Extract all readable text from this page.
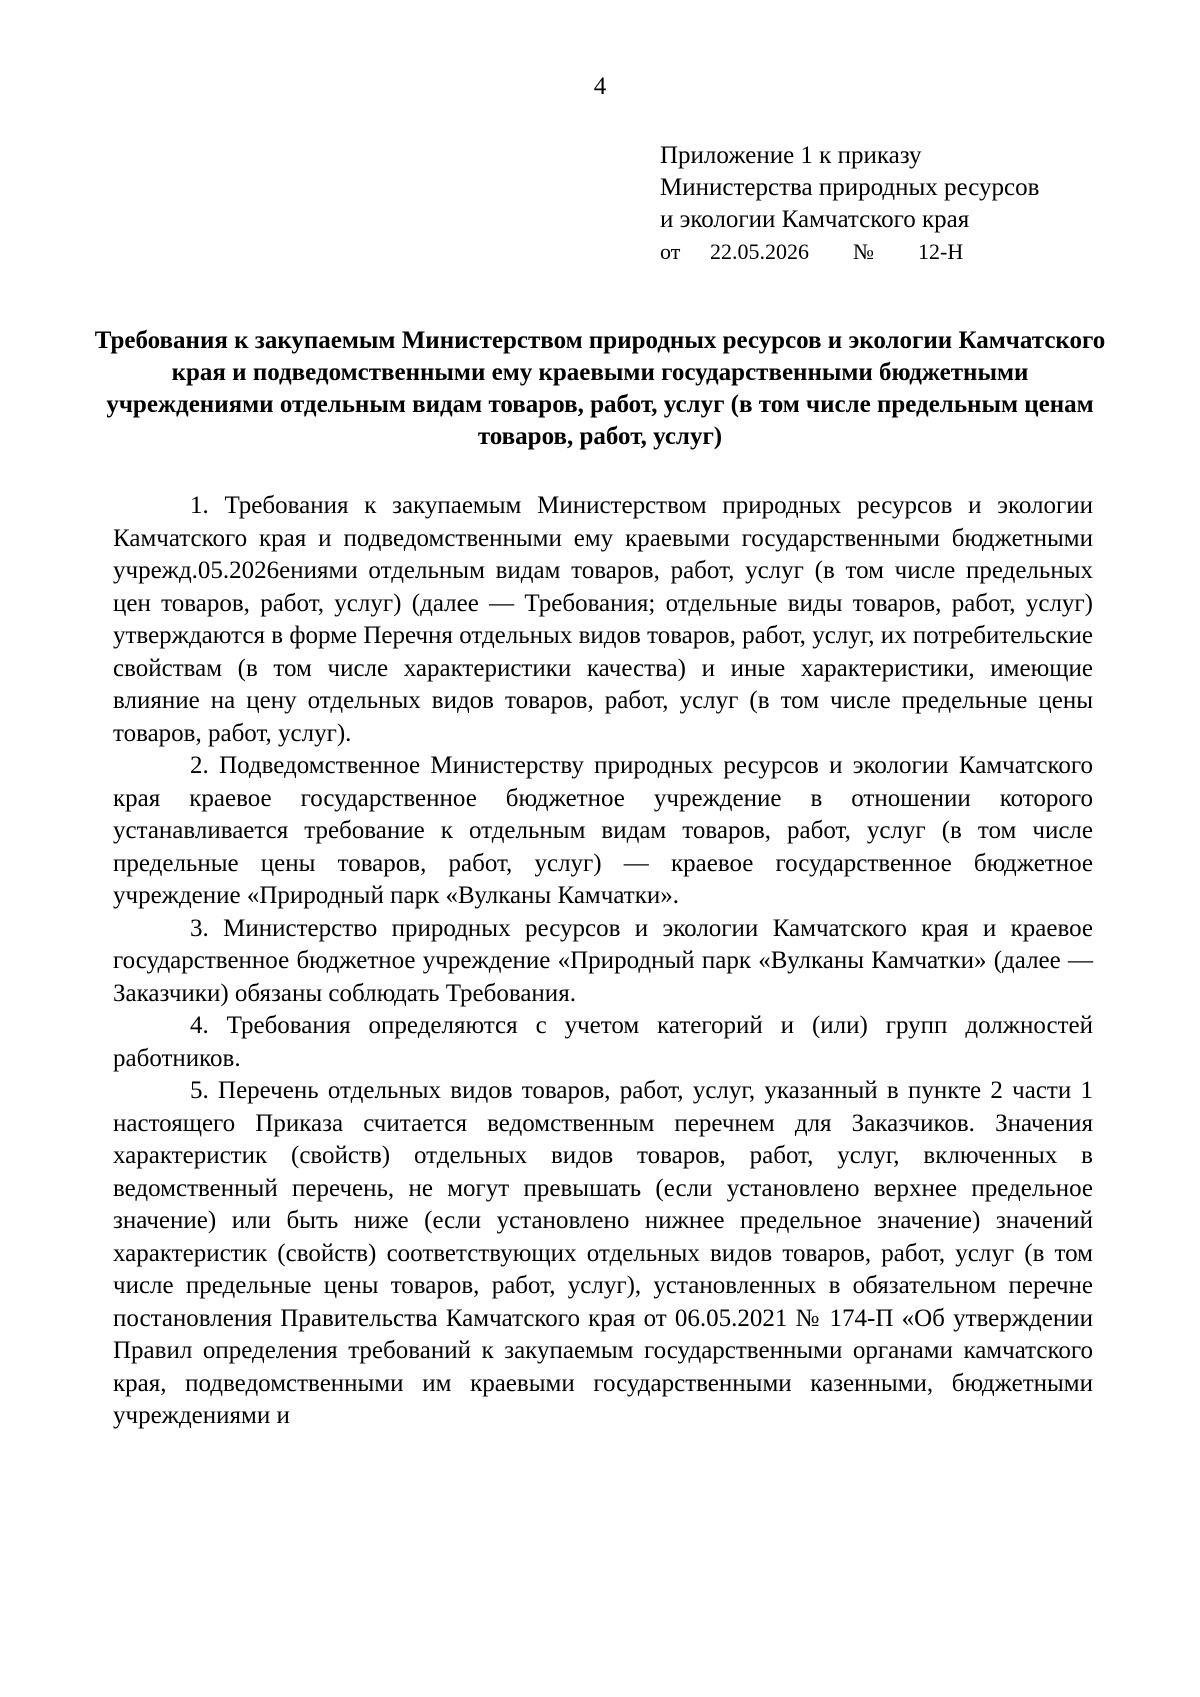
4
Приложение 1 к приказу
Министерства природных ресурсов
и экологии Камчатского края
от 22.05.2026 № 12-Н
Требования к закупаемым Министерством природных ресурсов и экологии Камчатского края и подведомственными ему краевыми государственными бюджетными учреждениями отдельным видам товаров, работ, услуг (в том числе предельным ценам товаров, работ, услуг)

1. Требования к закупаемым Министерством природных ресурсов и экологии Камчатского края и подведомственными ему краевыми государственными бюджетными учрежд.05.2026ениями отдельным видам товаров, работ, услуг (в том числе предельных цен товаров, работ, услуг) (далее — Требования; отдельные виды товаров, работ, услуг) утверждаются в форме Перечня отдельных видов товаров, работ, услуг, их потребительские свойствам (в том числе характеристики качества) и иные характеристики, имеющие влияние на цену отдельных видов товаров, работ, услуг (в том числе предельные цены товаров, работ, услуг).

2. Подведомственное Министерству природных ресурсов и экологии Камчатского края краевое государственное бюджетное учреждение в отношении которого устанавливается требование к отдельным видам товаров, работ, услуг (в том числе предельные цены товаров, работ, услуг) — краевое государственное бюджетное учреждение «Природный парк «Вулканы Камчатки».

3. Министерство природных ресурсов и экологии Камчатского края и краевое государственное бюджетное учреждение «Природный парк «Вулканы Камчатки» (далее — Заказчики) обязаны соблюдать Требования.

4. Требования определяются с учетом категорий и (или) групп должностей работников.

5. Перечень отдельных видов товаров, работ, услуг, указанный в пункте 2 части 1 настоящего Приказа считается ведомственным перечнем для Заказчиков. Значения характеристик (свойств) отдельных видов товаров, работ, услуг, включенных в ведомственный перечень, не могут превышать (если установлено верхнее предельное значение) или быть ниже (если установлено нижнее предельное значение) значений характеристик (свойств) соответствующих отдельных видов товаров, работ, услуг (в том числе предельные цены товаров, работ, услуг), установленных в обязательном перечне постановления Правительства Камчатского края от 06.05.2021 № 174-П «Об утверждении Правил определения требований к закупаемым государственными органами камчатского края, подведомственными им краевыми государственными казенными, бюджетными учреждениями и
